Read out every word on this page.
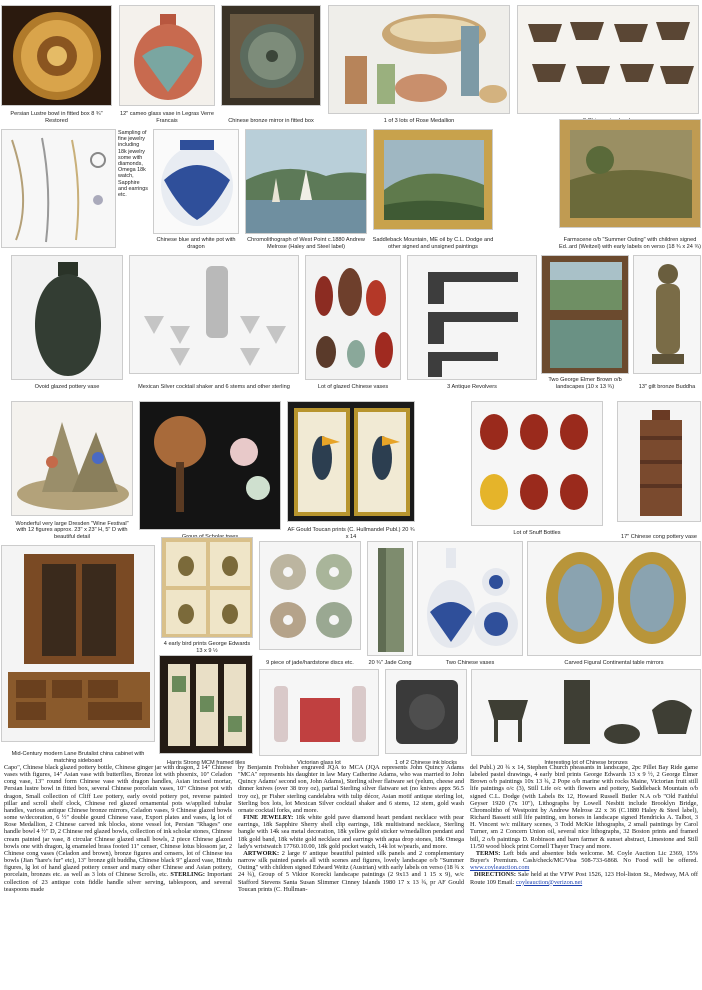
Persian Lustre bowl in fitted box 8 ¾" Restored
12" cameo glass vase in Legras Verre Francais	Chinese bronze mirror in fitted box	1 of 3 lots of Rose Medallion
Sampling of fine jewelry including 18k jewelry some with diamonds, Omega 18k watch, Sapphire and earrings etc.
Chinese blue and white pot with dragon
Chromolithograph of West Point c.1880 Andrew Melrose (Haley and Steel label)
Saddleback Mountain, ME oil by C.L. Dodge and other signed and unsigned paintings
Farmscene o/b "Summer Outing" with children signed Ed..ard (Weitzel) with early labels on verso (18 ¾ x 24 ¾)
Ovoid glazed pottery vase	Mexican Silver cocktail shaker and 6 stems and other sterling	Lot of glazed Chinese vases	3 Antique Revolvers
Two George Elmer Brown o/b landscapes (10 x 13 ¾)	13" gilt bronze Buddha
Wonderful very large Dresden "Wine Festival" with 12 figures approx. 23" x 23" H, 5" D with beautiful detail
AF Gould Toucan prints (C. Hullmandel Publ.) 20 ¾ x 14
Lot of Snuff Bottles
17" Chinese cong pottery vase
Mid-Century modern Lane Brutalist china cabinet with matching sideboard
4 early bird prints George Edwards 13 x 9 ½
9 piece of jade/hardstone discs etc.	20 ¾" Jade Cong	Two Chinese vases	Carved Figural Continental table mirrors
Harris Strong MCM framed tiles	Victorian glass lot	1 of 2 Chinese ink blocks	Interesting lot of Chinese bronzes
Capo", Chinese black glazed pottery bottle, Chinese ginger jar with dragon, 2 14" Chinese vases with figures, 14" Asian vase with butterflies, Bronze lot with phoenix, 10" Celadon cong vase, 13" round form Chinese vase with dragon handles, Asian incised mortar, Persian lustre bowl in fitted box, several Chinese porcelain vases, 10" Chinese pot with dragon, Small collection of Cliff Lee pottery, early ovoid pottery pot, reverse painted pillar and scroll shelf clock, Chinese red glazed ornamental pots w/applied tubular handles, various antique Chinese bronze mirrors, Celadon vases, 9 Chinese glazed bowls some w/decoration, 6 ½" double gourd Chinese vase, Export plates and vases, lg lot of Rose Medallion, 2 Chinese carved ink blocks, stone vessel lot, Persian "Rhages" one handle bowl 4 ½" D, 2 Chinese red glazed bowls, collection of ink scholar stones, Chinese cream painted jar vase, 8 circular Chinese glazed small bowls, 2 piece Chinese glazed bowls one with dragon, lg enameled brass footed 11" censer, Chinese lotus blossom jar, 2 Chinese cong vases (Celadon and brown), bronze figures and censers, lot of Chinese tea bowls (Jian "hare's fur" etc), 13" bronze gilt buddha, Chinese black 9" glazed vase, Hindu figures, lg lot of hand glazed pottery censer and many other Chinese and Asian pottery, porcelain, bronzes etc. as well as 3 lots of Chinese Scrolls, etc. STERLING: Important collection of 23 antique coin fiddle handle silver serving, tablespoon, and several teaspoons made
by Benjamin Frobisher engraved JQA to MCA (JQA represents John Quincy Adams "MCA" represents his daughter in law Mary Catherine Adams, who was married to John Quincy Adams' second son, John Adams), Sterling silver flatware set (yelum, cheese and dinner knives (over 38 troy oz), partial Sterling silver flatware set (no knives appx 56.5 troy oz), pr Fisher sterling candelabra with tulip décor, Asian motif antique sterling lot, Sterling box lots, lot Mexican Silver cocktail shaker and 6 stems, 12 stem, gold wash ornate cocktail forks, and more.
FINE JEWELRY: 18k white gold pave diamond heart pendant necklace with pear earrings, 18k Sapphire Sherry shell clip earrings, 18k multistrand necklace, Sterling bangle with 14k sea metal decoration, 18k yellow gold sticker w/medallion pendant and 18k gold band, 18k white gold necklace and earrings with aqua drop stones, 18k Omega lady's wristwatch 17760.10.00, 18k gold pocket watch, 14k lot w/pearls, and more.
ARTWORK: 2 large 6' antique beautiful painted silk panels and 2 complementary narrow silk painted panels all with scenes and figures, lovely landscape o/b "Summer Outing" with children signed Edward Weitz (Austrian) with early labels on verso (18 ¾ x 24 ¾), Group of 5 Viktor Korecki landscape paintings (2 9x13 and 1 15 x 9), w/c Stafford Stevens Santa Susan Slimmer Cinney Islands 1980 17 x 13 ¾, pr AF Gould Toucan prints (C. Hullman-
del Publ.) 20 ¾ x 14, Stephen Church pheasants in landscape, 2pc Pillet Bay Ride game labeled pastel drawings, 4 early bird prints George Edwards 13 x 9 ½, 2 George Elmer Brown o/b paintings 10x 13 ¾, 2 Pope o/b marine with rocks Maine, Victorian fruit still life paintings o/c (3), Still Life o/c with flowers and pottery, Saddleback Mountain o/b signed C.L. Dodge (with Labels 8x 12, Howard Russell Butler N.A o/b "Old Faithful Geyser 1920 (7x 10"), Lithographs by Lowell Nesbitt include Brooklyn Bridge, Chromolitho of Westpoint by Andrew Melrose 22 x 36 (C.1880 Haley & Steel label), Richard Bassett still life painting, sm horses in landscape signed Hendricks A. Talbot, 3 H. Vincent w/c military scenes, 3 Todd McKie lithographs, 2 small paintings by Carol Turner, sm 2 Concern Union oil, several nice lithographs, 32 Boston prints and framed bill, 2 o/b paintings D. Robinson and barn farmer & sunset abstract, Limestone and Still 11/50 wood block print Cornell Thayer Tracy and more.
TERMS: Left bids and absentee bids welcome. M. Coyle Auction Lic 2369, 15% Buyer's Premium. Cash/check/MC/Visa 508-733-6868. No Food will be offered. www.coyleauction.com
DIRECTIONS: Sale held at the VFW Post 1526, 123 Hol-liston St., Medway, MA off Route 109 Email: coyleauction@verizon.net
